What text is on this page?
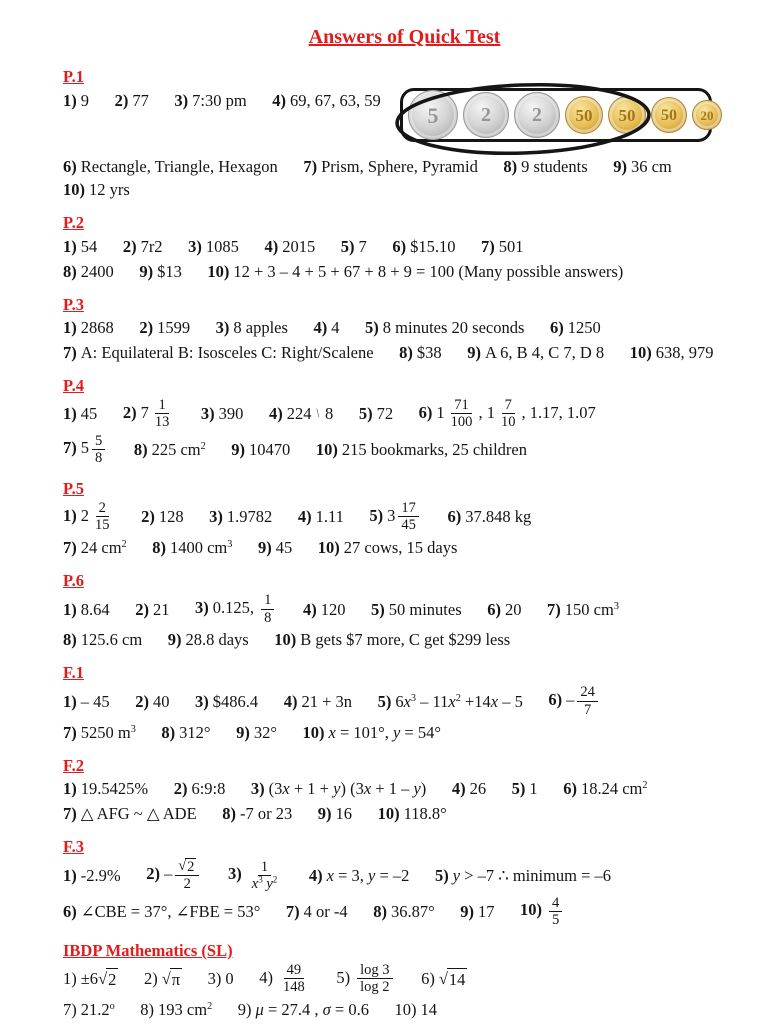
Answers of Quick Test
P.1
1) 9 2) 77 3) 7:30 pm 4) 69, 67, 63, 59
6) Rectangle, Triangle, Hexagon 7) Prism, Sphere, Pyramid 8) 9 students 9) 36 cm10) 12 yrs
5	2	2	50	50	50	20
P.2
1) 54 2) 7r2 3) 1085 4) 2015 5) 7 6) $15.10 7) 501
8) 2400 9) $13 10) 12 + 3 – 4 + 5 + 67 + 8 + 9 = 100 (Many possible answers)
P.3
1) 2868 2) 1599 3) 8 apples 4) 4 5) 8 minutes 20 seconds 6) 1250
7) A: Equilateral B: Isosceles C: Right/Scalene 8) $38 9) A 6, B 4, C 7, D 8 10) 638, 979
P.4
1) 45 2) $7 \frac{1}{13} 3$) 390 4) 224 \ 8 5) 72 6) $1 \frac{71}{100}$ , $1 \frac{7}{10}$ , 1.17, 1.07
7) $5 \frac{5}{8} 8$) 225 $cm^2$ 9) 10470 10) 215 bookmarks, 25 children
P.5
1) $2 \frac{2}{15} 2$) 128 3) 1.9782 4) 1.11 5) $3 \frac{17}{45} 6$) 37.848 kg
7) 24 $cm^2$ 8) 1400 $cm^3$ 9) 45 10) 27 cows, 15 days
P.6
1) 8.64 2) 21 3) 0.125, $\frac{1}{8} 4$) 120 5) 50 minutes 6) 20 7) 150 $cm^3$
8) 125.6 cm 9) 28.8 days 10) B gets $7 more, C get $299 less
F.1
1) – 45 2) 40 3) $486.4 4) 21 + 3n 5) $6x^3 - 11x^2 +14x - 5$ $6) - \frac{24}{7}$
7) 5250 $m^3$ 8) 312° 9) 32° 10) x = 101°, y = 54°
F.2
1) 19.5425% 2) 6:9:8 3) (3x + 1 + y) (3x + 1 – y) 4) 26 5) 1 6) 18.24 $cm^2$
7) △ AFG ~ △ ADE 8) -7 or 23 9) 16 10) 118.8°
F.3
1) -2.9% $2) - \frac{√ 2}{2} 3) \frac{1}{x^3 y^2} 4$) x = 3, y = –2 5) y > –7 ∴ minimum = –6
6) ∠CBE = 37°, ∠FBE = 53° 7) 4 or -4 8) 36.87° 9) 17 $10) \frac{4}{5}$
IBDP Mathematics (SL)
1) ±6 √ 2 2) √ π 3) 0 $4) \frac{49}{148} 5) \frac{\log 3}{\log 2} 6$) √ 14
7) 21.2$^o$ 8) 193 $cm^2$ 9) μ = 27.4 , σ = 0.6 10) 14
